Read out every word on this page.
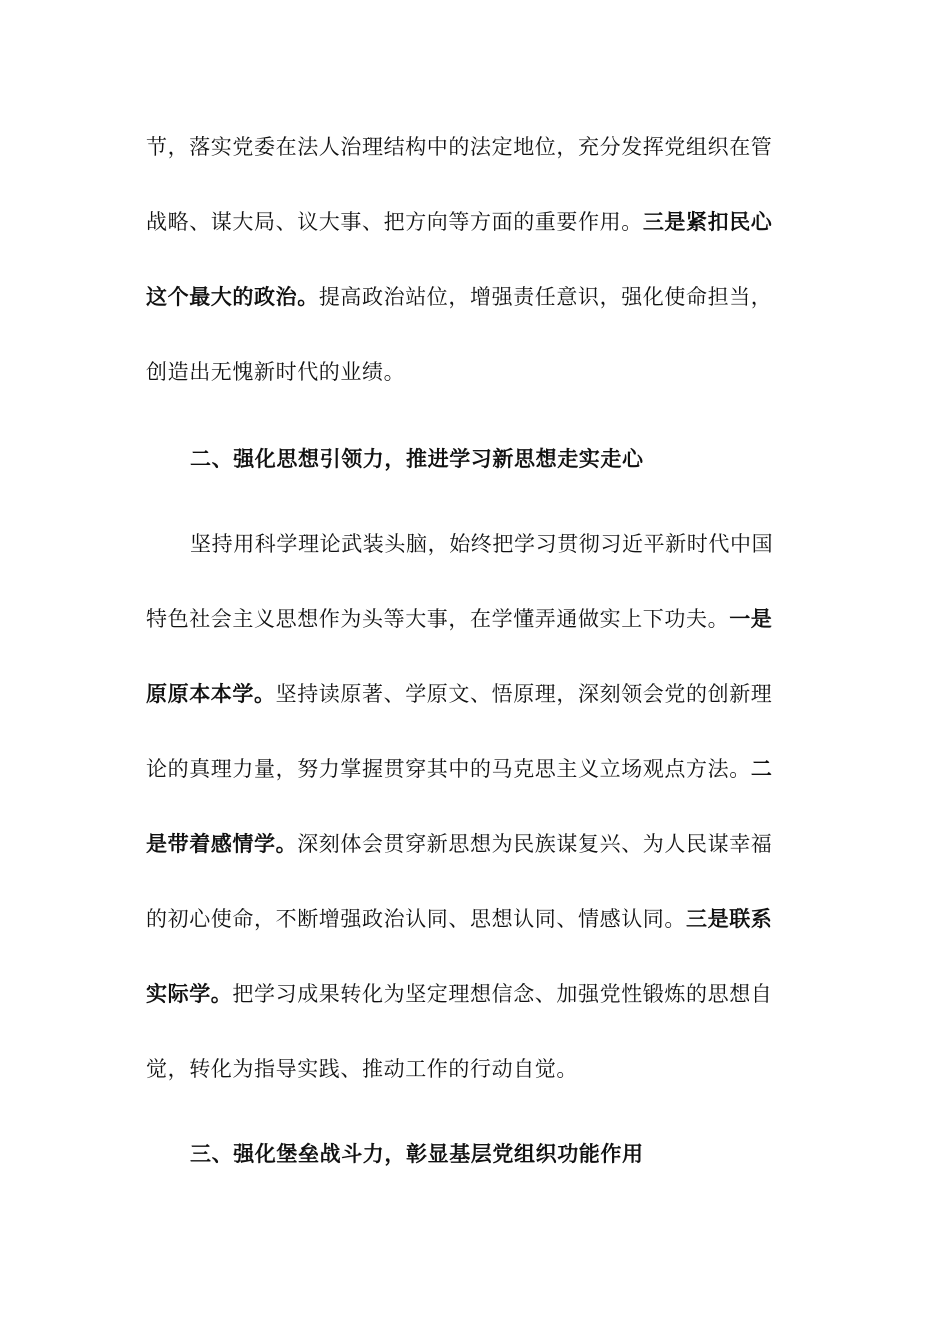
节，落实党委在法人治理结构中的法定地位，充分发挥党组织在管
战略、谋大局、议大事、把方向等方面的重要作用。三是紧扣民心
这个最大的政治。提高政治站位，增强责任意识，强化使命担当，
创造出无愧新时代的业绩。
二、强化思想引领力，推进学习新思想走实走心
坚持用科学理论武装头脑，始终把学习贯彻习近平新时代中国
特色社会主义思想作为头等大事，在学懂弄通做实上下功夫。一是
原原本本学。坚持读原著、学原文、悟原理，深刻领会党的创新理
论的真理力量，努力掌握贯穿其中的马克思主义立场观点方法。二
是带着感情学。深刻体会贯穿新思想为民族谋复兴、为人民谋幸福
的初心使命，不断增强政治认同、思想认同、情感认同。三是联系
实际学。把学习成果转化为坚定理想信念、加强党性锻炼的思想自
觉，转化为指导实践、推动工作的行动自觉。
三、强化堡垒战斗力，彰显基层党组织功能作用
